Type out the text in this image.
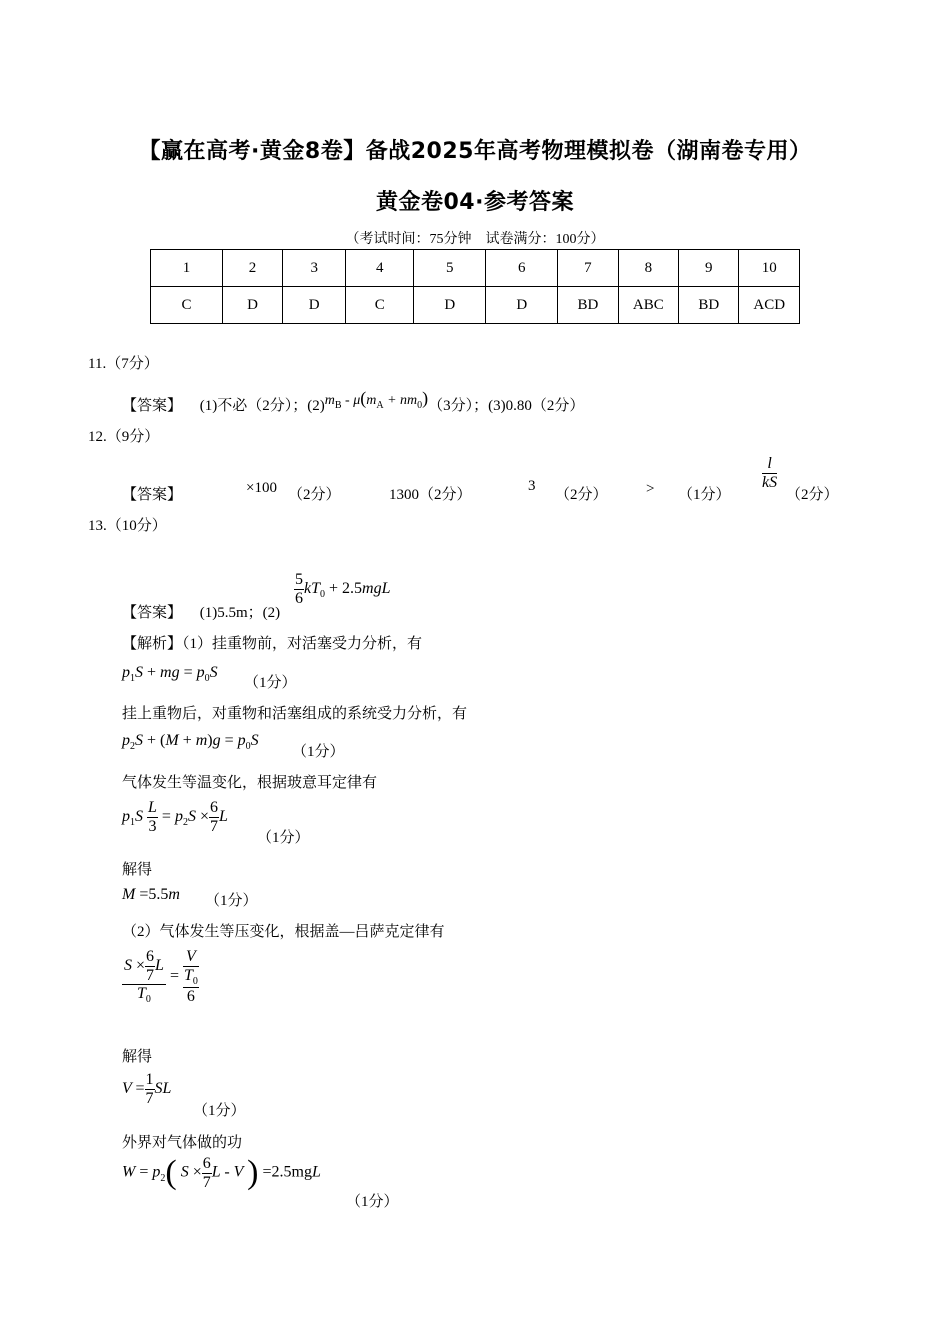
【赢在高考·黄金8卷】备战2025年高考物理模拟卷（湖南卷专用）
黄金卷04·参考答案
（考试时间：75分钟　试卷满分：100分）
1	2	3	4	5	6	7	8	9	10
C	D	D	C	D	D	BD	ABC	BD	ACD
11.（7分）
【答案】 (1)不必（2分）；$(2)m_B - \mu(m_A + nm_0)(3$分）；(3)0.80（2分）
12.（9分）
【答案】	×100 （2分）	1300（2分）
3
（2分）	> （1分）
$\frac{l}{kS}$
（2分）
13.（10分）
【答案】 (1)5.5m；(2)
$\frac{5}{6} kT_0 + 2.5mgL$
【解析】（1）挂重物前，对活塞受力分析，有
$p_1S$ + mg = $p_0S$
（1分）
挂上重物后，对重物和活塞组成的系统受力分析，有
$p_2S + (M + m)g = p_0S$
（1分）
气体发生等温变化，根据玻意耳定律有
$p_1S \frac{L}{3} = p_2S \times \frac{6}{7}$ L
（1分）
解得
M =5.5m （1分）
（2）气体发生等压变化，根据盖—吕萨克定律有
$\frac{S \times \frac{6}{7} L}{T_0} = \frac{V}{\frac{T_0}{6}}$
解得
$V = \frac{1}{7}$ SL
（1分）
外界对气体做的功
$W = p_2$( $S \times \frac{6}{7}$ L - V ) =2.5mgL
（1分）
